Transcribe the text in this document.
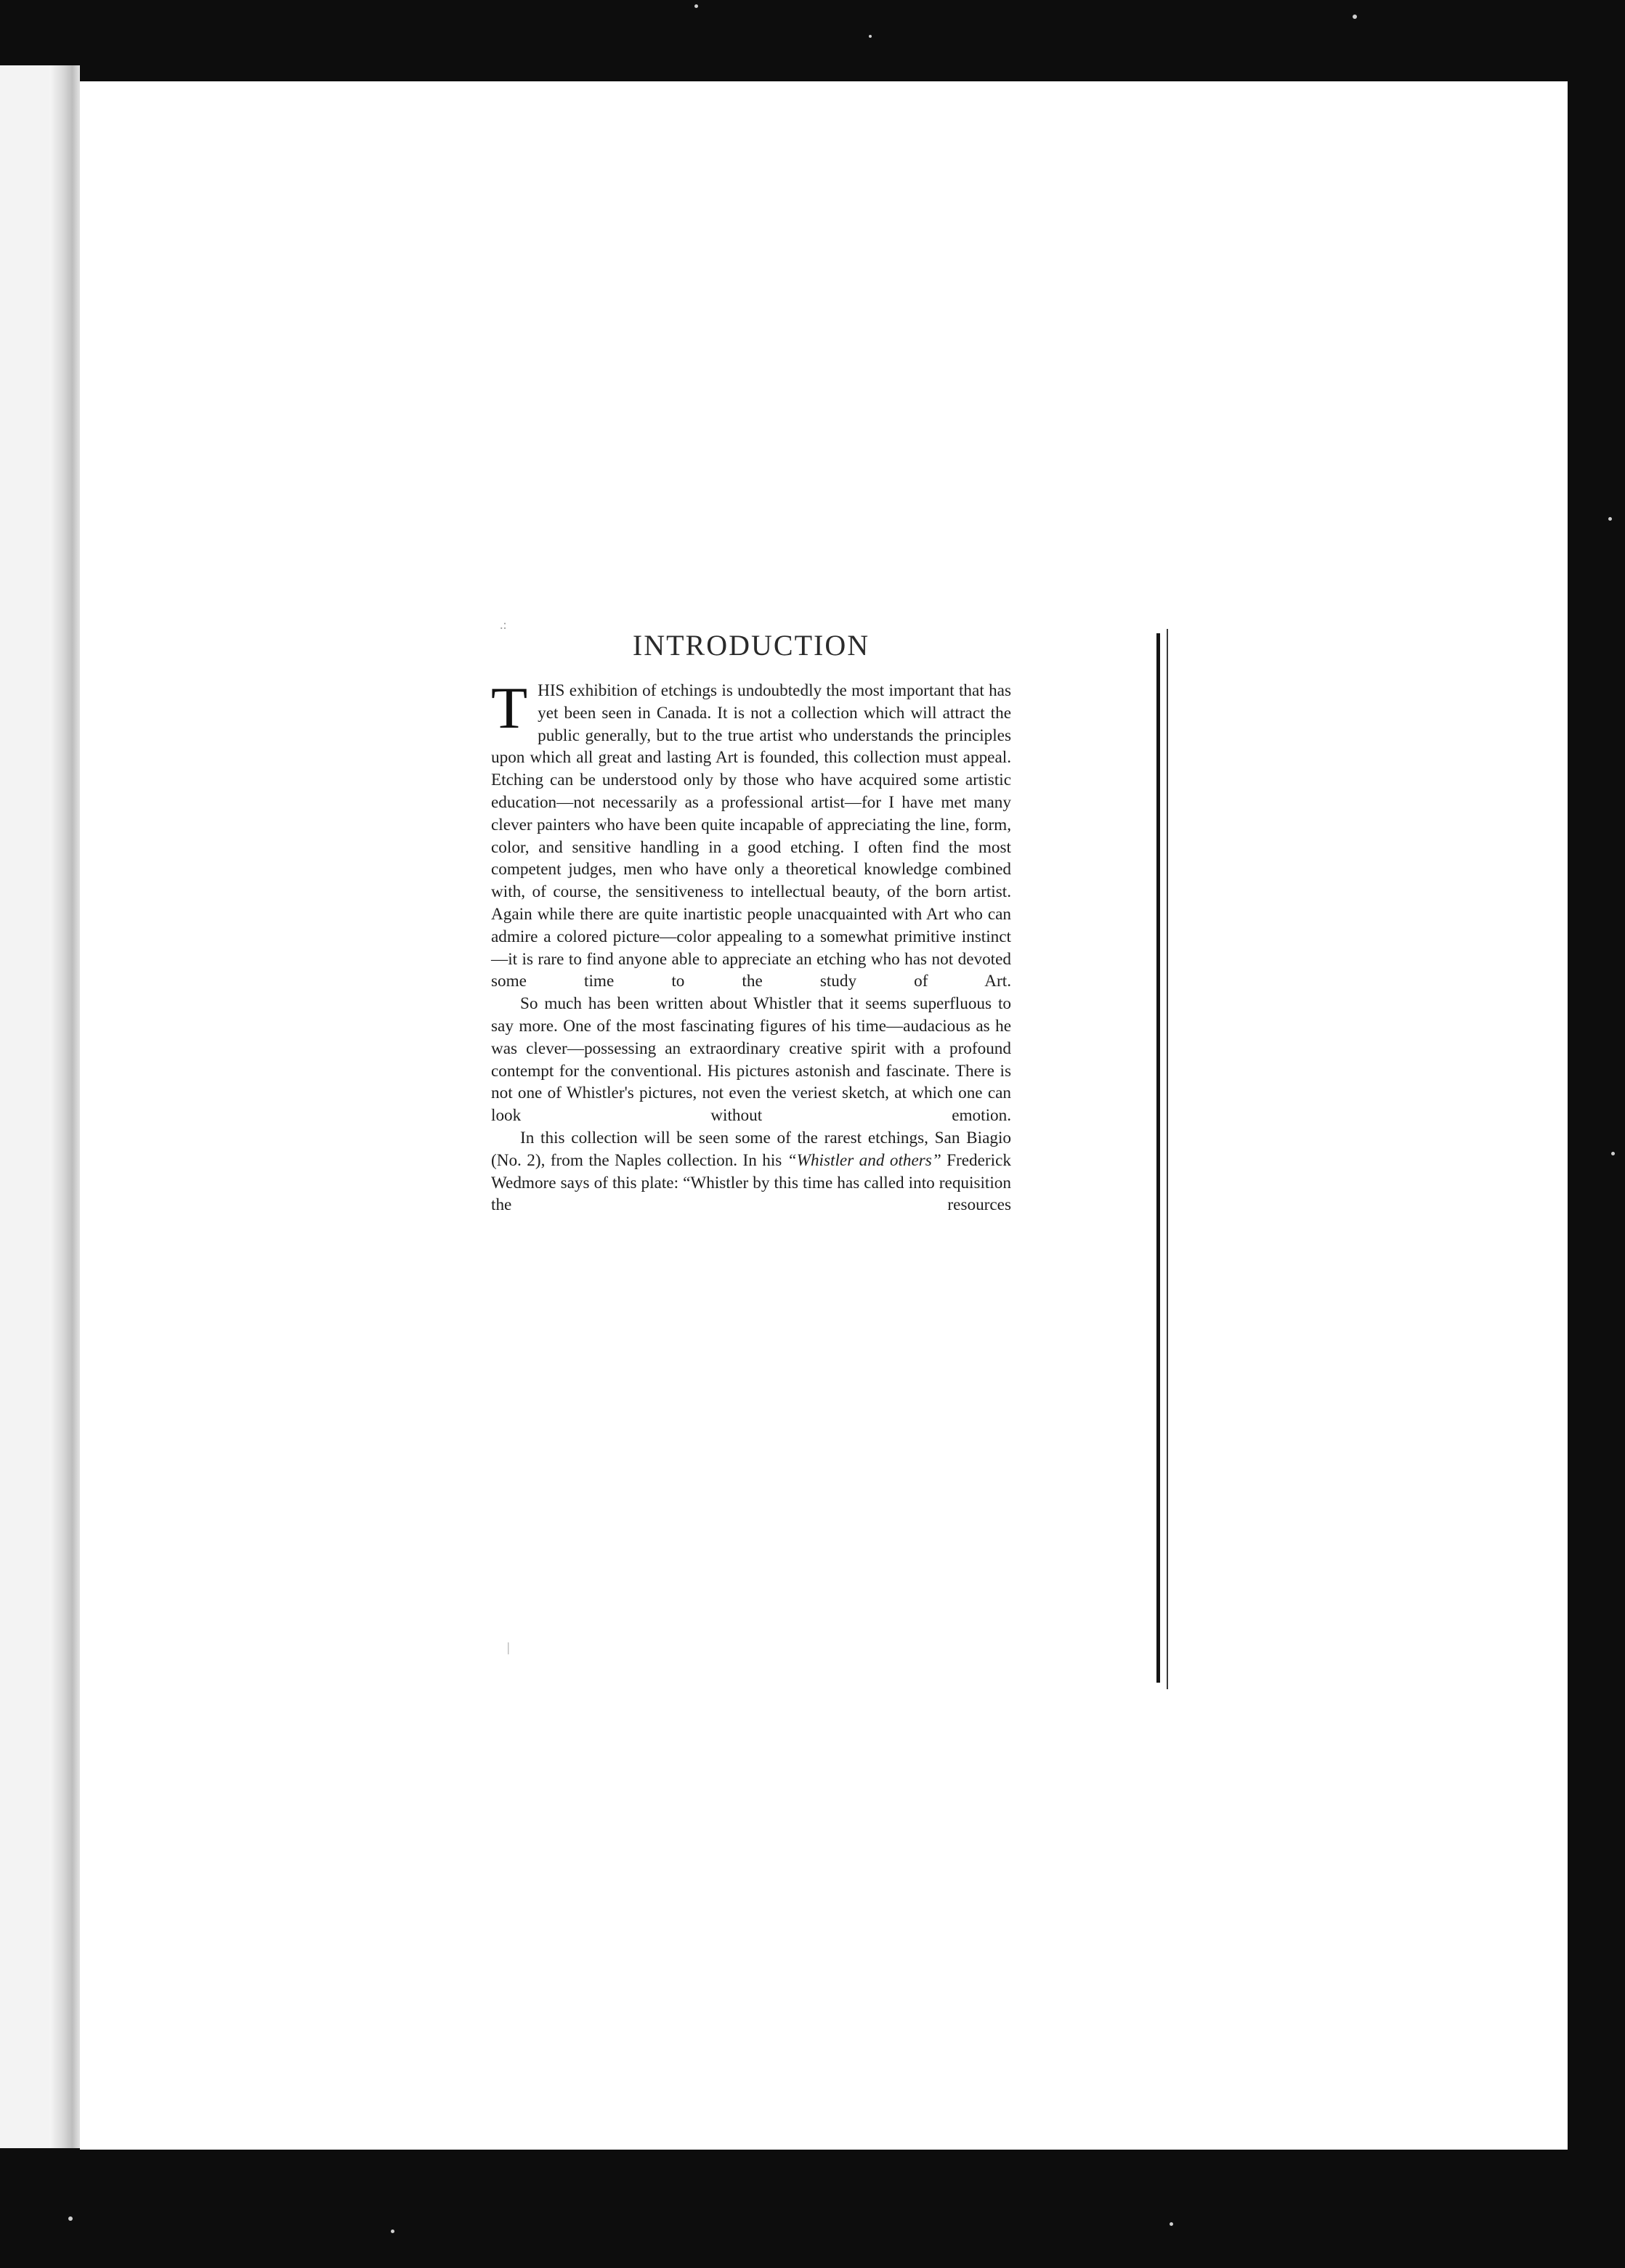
.:
|
INTRODUCTION

THIS exhibition of etchings is undoubtedly the most important that has yet been seen in Canada. It is not a collection which will attract the public generally, but to the true artist who understands the principles upon which all great and lasting Art is founded, this collection must appeal. Etching can be understood only by those who have acquired some artistic education—not necessarily as a professional artist—for I have met many clever painters who have been quite incapable of appreciating the line, form, color, and sensitive handling in a good etching. I often find the most competent judges, men who have only a theoretical knowledge combined with, of course, the sensitiveness to intellectual beauty, of the born artist. Again while there are quite inartistic people unacquainted with Art who can admire a colored picture—color appealing to a somewhat primitive instinct—it is rare to find anyone able to appreciate an etching who has not devoted some time to the study of Art.

So much has been written about Whistler that it seems superfluous to say more. One of the most fascinating figures of his time—audacious as he was clever—possessing an extraordinary creative spirit with a profound contempt for the conventional. His pictures astonish and fascinate. There is not one of Whistler's pictures, not even the veriest sketch, at which one can look without emotion.

In this collection will be seen some of the rarest etchings, San Biagio (No. 2), from the Naples collection. In his “Whistler and others” Frederick Wedmore says of this plate: “Whistler by this time has called into requisition the resources
